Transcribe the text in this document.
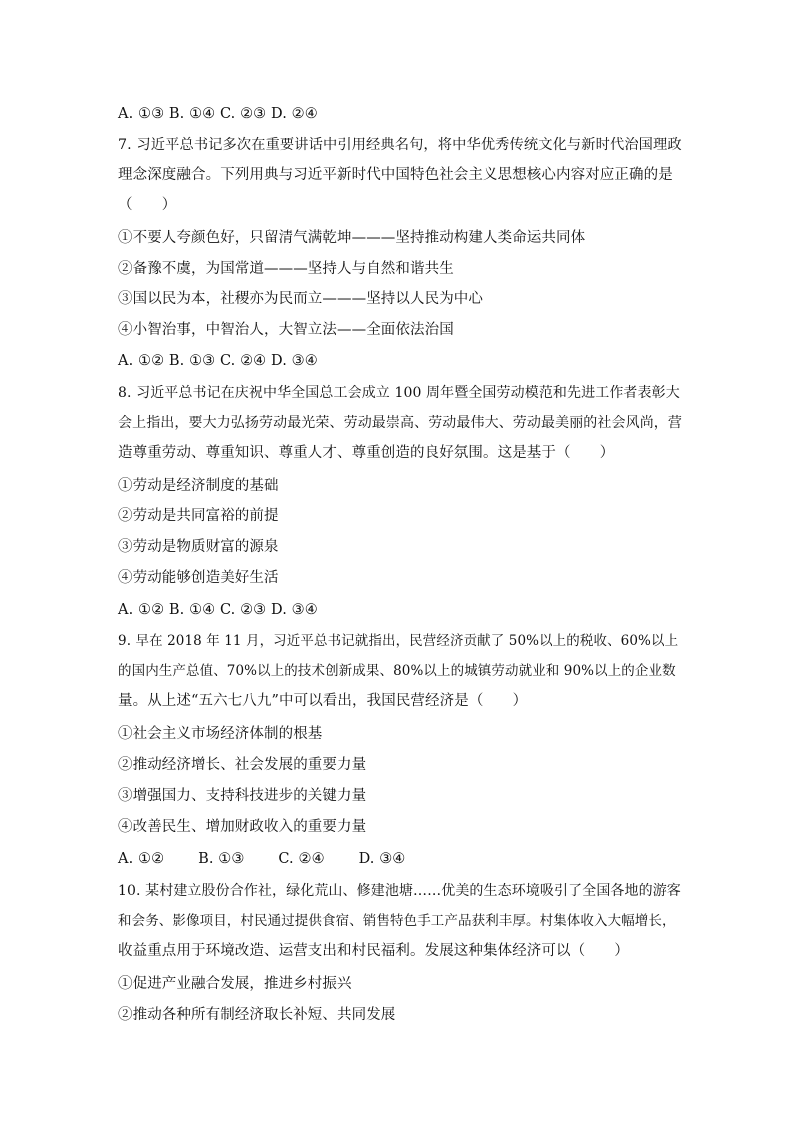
A. ①③ B. ①④ C. ②③ D. ②④
7. 习近平总书记多次在重要讲话中引用经典名句，将中华优秀传统文化与新时代治国理政
理念深度融合。下列用典与习近平新时代中国特色社会主义思想核心内容对应正确的是
（　　）
①不要人夸颜色好，只留清气满乾坤———坚持推动构建人类命运共同体
②备豫不虞，为国常道———坚持人与自然和谐共生
③国以民为本，社稷亦为民而立———坚持以人民为中心
④小智治事，中智治人，大智立法——全面依法治国
A. ①② B. ①③ C. ②④ D. ③④
8. 习近平总书记在庆祝中华全国总工会成立 100 周年暨全国劳动模范和先进工作者表彰大
会上指出，要大力弘扬劳动最光荣、劳动最崇高、劳动最伟大、劳动最美丽的社会风尚，营
造尊重劳动、尊重知识、尊重人才、尊重创造的良好氛围。这是基于（　　）
①劳动是经济制度的基础
②劳动是共同富裕的前提
③劳动是物质财富的源泉
④劳动能够创造美好生活
A. ①② B. ①④ C. ②③ D. ③④
9. 早在 2018 年 11 月，习近平总书记就指出，民营经济贡献了 50%以上的税收、60%以上
的国内生产总值、70%以上的技术创新成果、80%以上的城镇劳动就业和 90%以上的企业数
量。从上述“五六七八九”中可以看出，我国民营经济是（　　）
①社会主义市场经济体制的根基
②推动经济增长、社会发展的重要力量
③增强国力、支持科技进步的关键力量
④改善民生、增加财政收入的重要力量
A. ①②　　 B. ①③　　 C. ②④　　 D. ③④
10. 某村建立股份合作社，绿化荒山、修建池塘……优美的生态环境吸引了全国各地的游客
和会务、影像项目，村民通过提供食宿、销售特色手工产品获利丰厚。村集体收入大幅增长，
收益重点用于环境改造、运营支出和村民福利。发展这种集体经济可以（　　）
①促进产业融合发展，推进乡村振兴
②推动各种所有制经济取长补短、共同发展
